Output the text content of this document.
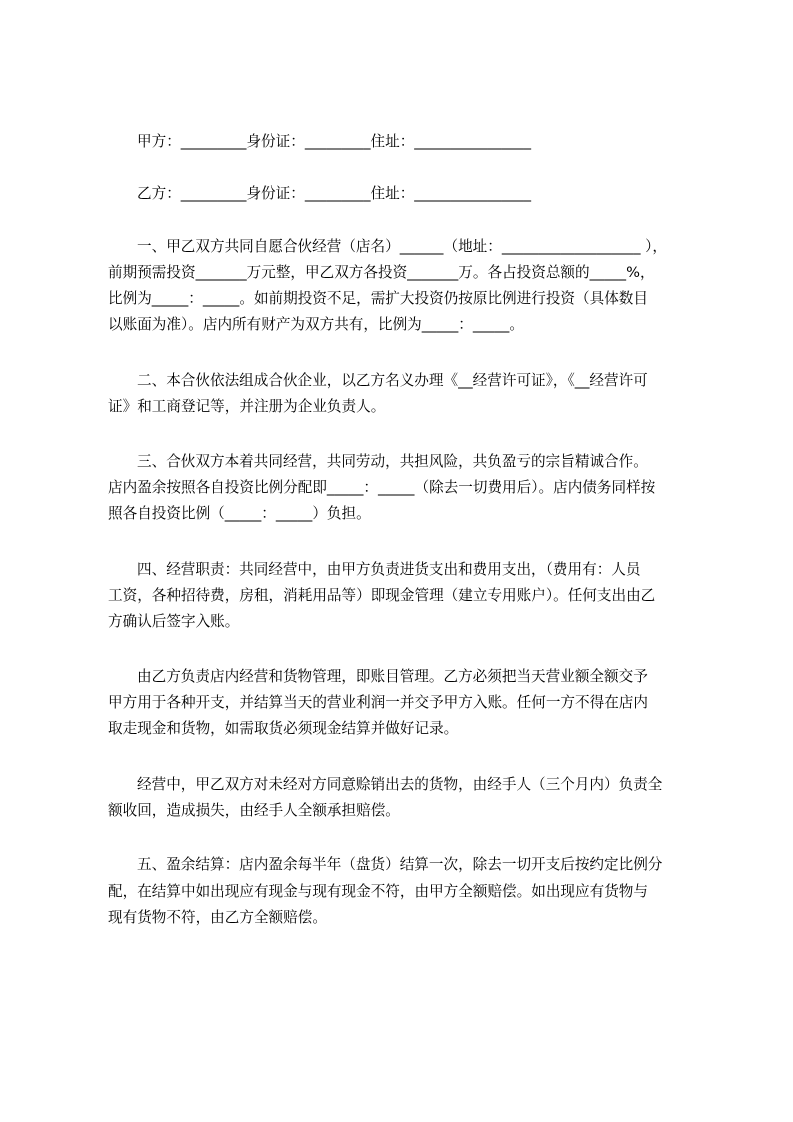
甲方：_________身份证：_________住址：________________
乙方：_________身份证：_________住址：________________
一、甲乙双方共同自愿合伙经营（店名）______（地址：___________________ ），
前期预需投资_______万元整，甲乙双方各投资_______万。各占投资总额的_____%，
比例为_____：_____。如前期投资不足，需扩大投资仍按原比例进行投资（具体数目
以账面为准）。店内所有财产为双方共有，比例为_____：_____。
二、本合伙依法组成合伙企业，以乙方名义办理《__经营许可证》，《__经营许可
证》和工商登记等，并注册为企业负责人。
三、合伙双方本着共同经营，共同劳动，共担风险，共负盈亏的宗旨精诚合作。
店内盈余按照各自投资比例分配即_____：_____（除去一切费用后）。店内债务同样按
照各自投资比例（_____：_____）负担。
四、经营职责：共同经营中，由甲方负责进货支出和费用支出，（费用有：人员
工资，各种招待费，房租，消耗用品等）即现金管理（建立专用账户）。任何支出由乙
方确认后签字入账。
由乙方负责店内经营和货物管理，即账目管理。乙方必须把当天营业额全额交予
甲方用于各种开支，并结算当天的营业利润一并交予甲方入账。任何一方不得在店内
取走现金和货物，如需取货必须现金结算并做好记录。
经营中，甲乙双方对未经对方同意赊销出去的货物，由经手人（三个月内）负责全
额收回，造成损失，由经手人全额承担赔偿。
五、盈余结算：店内盈余每半年（盘货）结算一次，除去一切开支后按约定比例分
配，在结算中如出现应有现金与现有现金不符，由甲方全额赔偿。如出现应有货物与
现有货物不符，由乙方全额赔偿。
